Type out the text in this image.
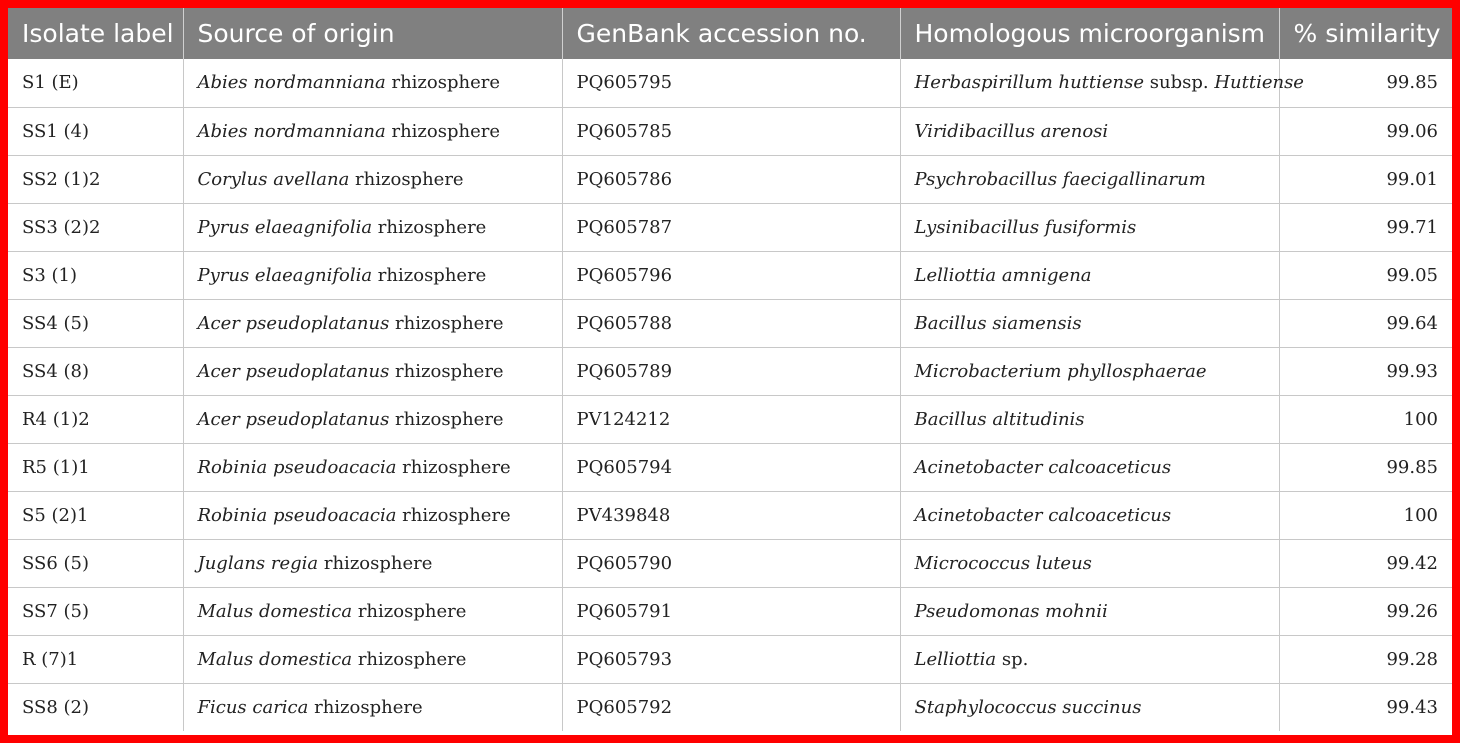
Isolate label	Source of origin	GenBank accession no.	Homologous microorganism	% similarity
S1 (E)	Abies nordmanniana rhizosphere	PQ605795	Herbaspirillum huttiense subsp. Huttiense	99.85
SS1 (4)	Abies nordmanniana rhizosphere	PQ605785	Viridibacillus arenosi	99.06
SS2 (1)2	Corylus avellana rhizosphere	PQ605786	Psychrobacillus faecigallinarum	99.01
SS3 (2)2	Pyrus elaeagnifolia rhizosphere	PQ605787	Lysinibacillus fusiformis	99.71
S3 (1)	Pyrus elaeagnifolia rhizosphere	PQ605796	Lelliottia amnigena	99.05
SS4 (5)	Acer pseudoplatanus rhizosphere	PQ605788	Bacillus siamensis	99.64
SS4 (8)	Acer pseudoplatanus rhizosphere	PQ605789	Microbacterium phyllosphaerae	99.93
R4 (1)2	Acer pseudoplatanus rhizosphere	PV124212	Bacillus altitudinis	100
R5 (1)1	Robinia pseudoacacia rhizosphere	PQ605794	Acinetobacter calcoaceticus	99.85
S5 (2)1	Robinia pseudoacacia rhizosphere	PV439848	Acinetobacter calcoaceticus	100
SS6 (5)	Juglans regia rhizosphere	PQ605790	Micrococcus luteus	99.42
SS7 (5)	Malus domestica rhizosphere	PQ605791	Pseudomonas mohnii	99.26
R (7)1	Malus domestica rhizosphere	PQ605793	Lelliottia sp.	99.28
SS8 (2)	Ficus carica rhizosphere	PQ605792	Staphylococcus succinus	99.43
